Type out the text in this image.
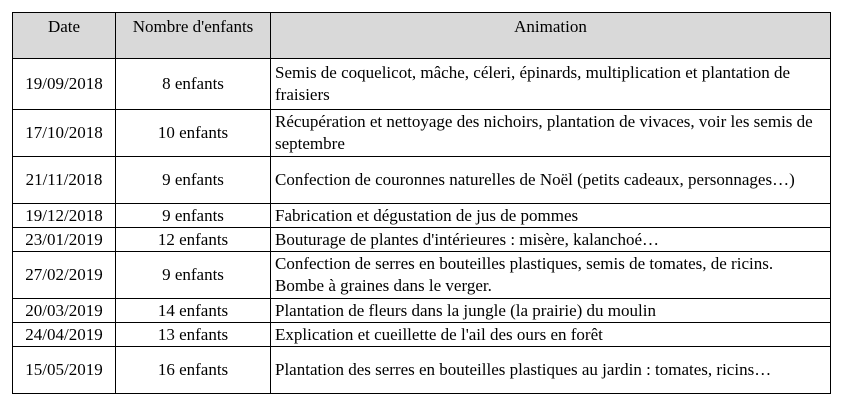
Date	Nombre d'enfants	Animation
19/09/2018	8 enfants	Semis de coquelicot, mâche, céleri, épinards, multiplication et plantation de fraisiers
17/10/2018	10 enfants	Récupération et nettoyage des nichoirs, plantation de vivaces, voir les semis de septembre
21/11/2018	9 enfants	Confection de couronnes naturelles de Noël (petits cadeaux, personnages…)
19/12/2018	9 enfants	Fabrication et dégustation de jus de pommes
23/01/2019	12 enfants	Bouturage de plantes d'intérieures : misère, kalanchoé…
27/02/2019	9 enfants	Confection de serres en bouteilles plastiques, semis de tomates, de ricins. Bombe à graines dans le verger.
20/03/2019	14 enfants	Plantation de fleurs dans la jungle (la prairie) du moulin
24/04/2019	13 enfants	Explication et cueillette de l'ail des ours en forêt
15/05/2019	16 enfants	Plantation des serres en bouteilles plastiques au jardin : tomates, ricins…
